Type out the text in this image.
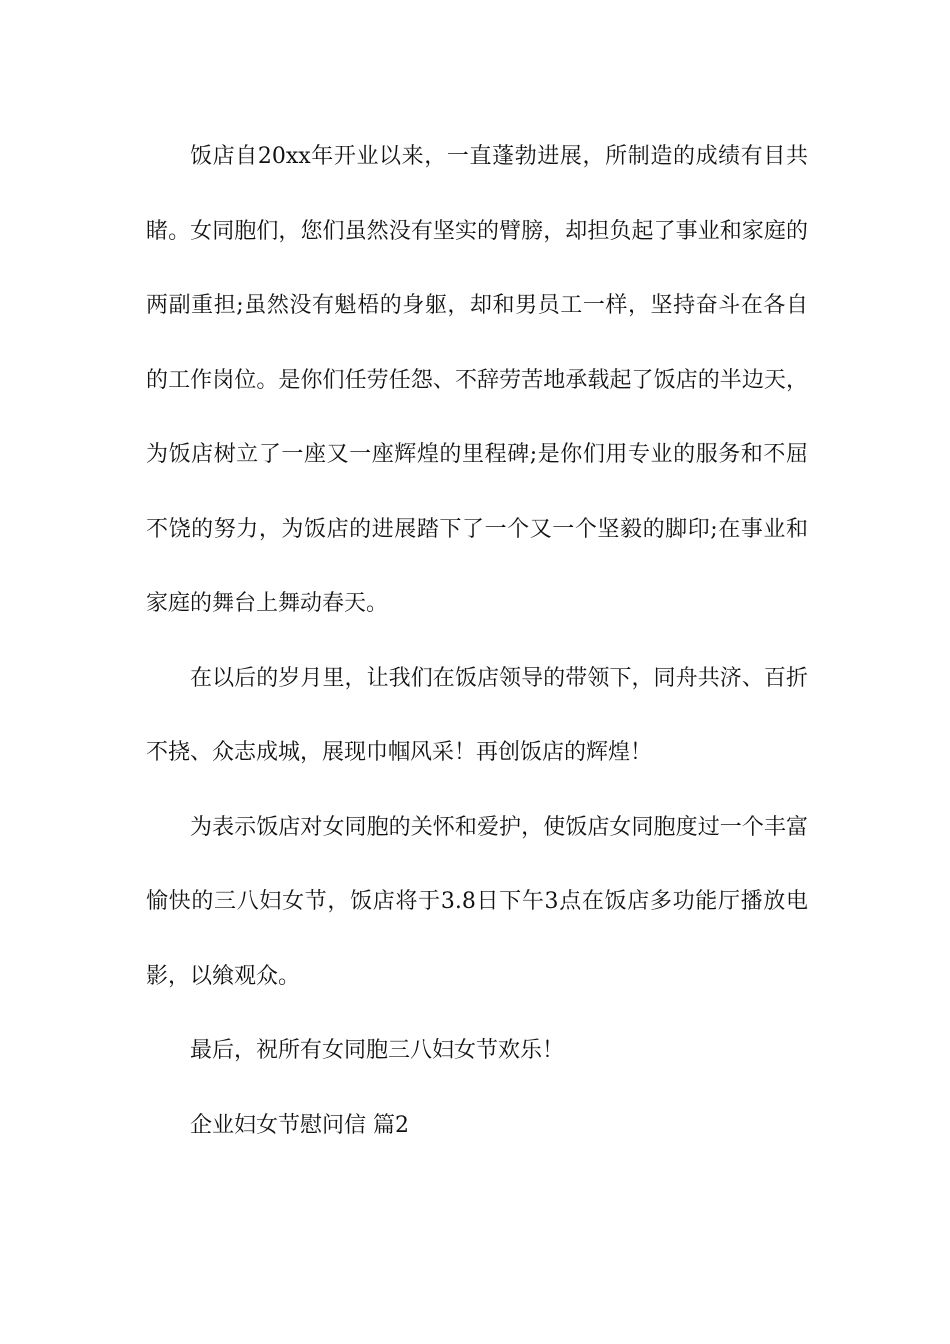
饭店自20xx年开业以来，一直蓬勃进展，所制造的成绩有目共睹。女同胞们，您们虽然没有坚实的臂膀，却担负起了事业和家庭的两副重担;虽然没有魁梧的身躯，却和男员工一样，坚持奋斗在各自的工作岗位。是你们任劳任怨、不辞劳苦地承载起了饭店的半边天，为饭店树立了一座又一座辉煌的里程碑;是你们用专业的服务和不屈不饶的努力，为饭店的进展踏下了一个又一个坚毅的脚印;在事业和家庭的舞台上舞动春天。

在以后的岁月里，让我们在饭店领导的带领下，同舟共济、百折不挠、众志成城，展现巾帼风采！再创饭店的辉煌！

为表示饭店对女同胞的关怀和爱护，使饭店女同胞度过一个丰富愉快的三八妇女节，饭店将于3.8日下午3点在饭店多功能厅播放电影，以飨观众。

最后，祝所有女同胞三八妇女节欢乐！

企业妇女节慰问信 篇2
